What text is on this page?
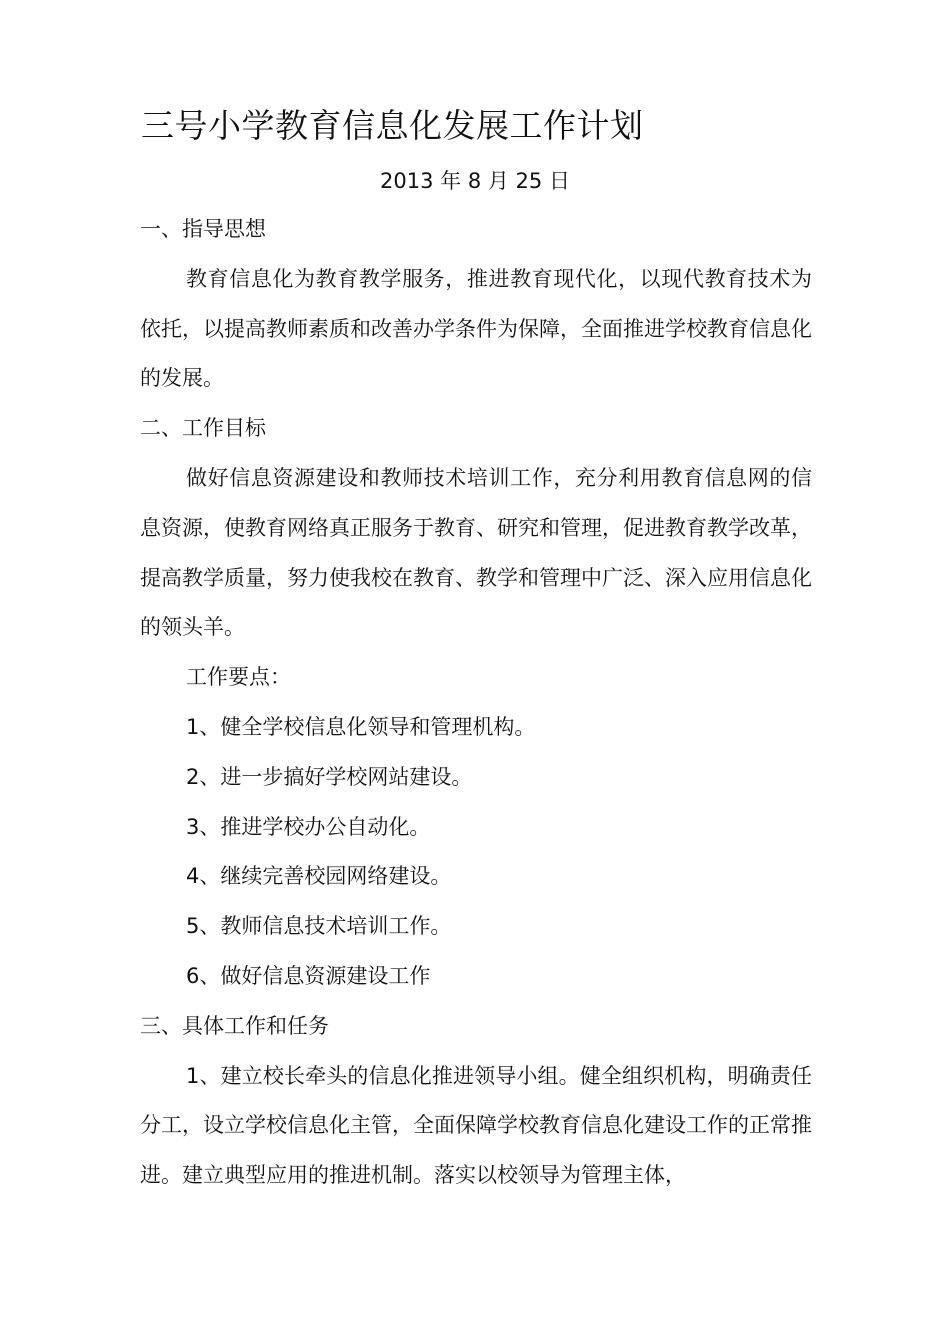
三号小学教育信息化发展工作计划
2013 年 8 月 25 日

一、指导思想

教育信息化为教育教学服务，推进教育现代化，以现代教育技术为依托，以提高教师素质和改善办学条件为保障，全面推进学校教育信息化的发展。

二、工作目标

做好信息资源建设和教师技术培训工作，充分利用教育信息网的信息资源，使教育网络真正服务于教育、研究和管理，促进教育教学改革，提高教学质量，努力使我校在教育、教学和管理中广泛、深入应用信息化的领头羊。

工作要点：

1、健全学校信息化领导和管理机构。

2、进一步搞好学校网站建设。

3、推进学校办公自动化。

4、继续完善校园网络建设。

5、教师信息技术培训工作。

6、做好信息资源建设工作

三、具体工作和任务

1、建立校长牵头的信息化推进领导小组。健全组织机构，明确责任分工，设立学校信息化主管，全面保障学校教育信息化建设工作的正常推进。建立典型应用的推进机制。落实以校领导为管理主体，
